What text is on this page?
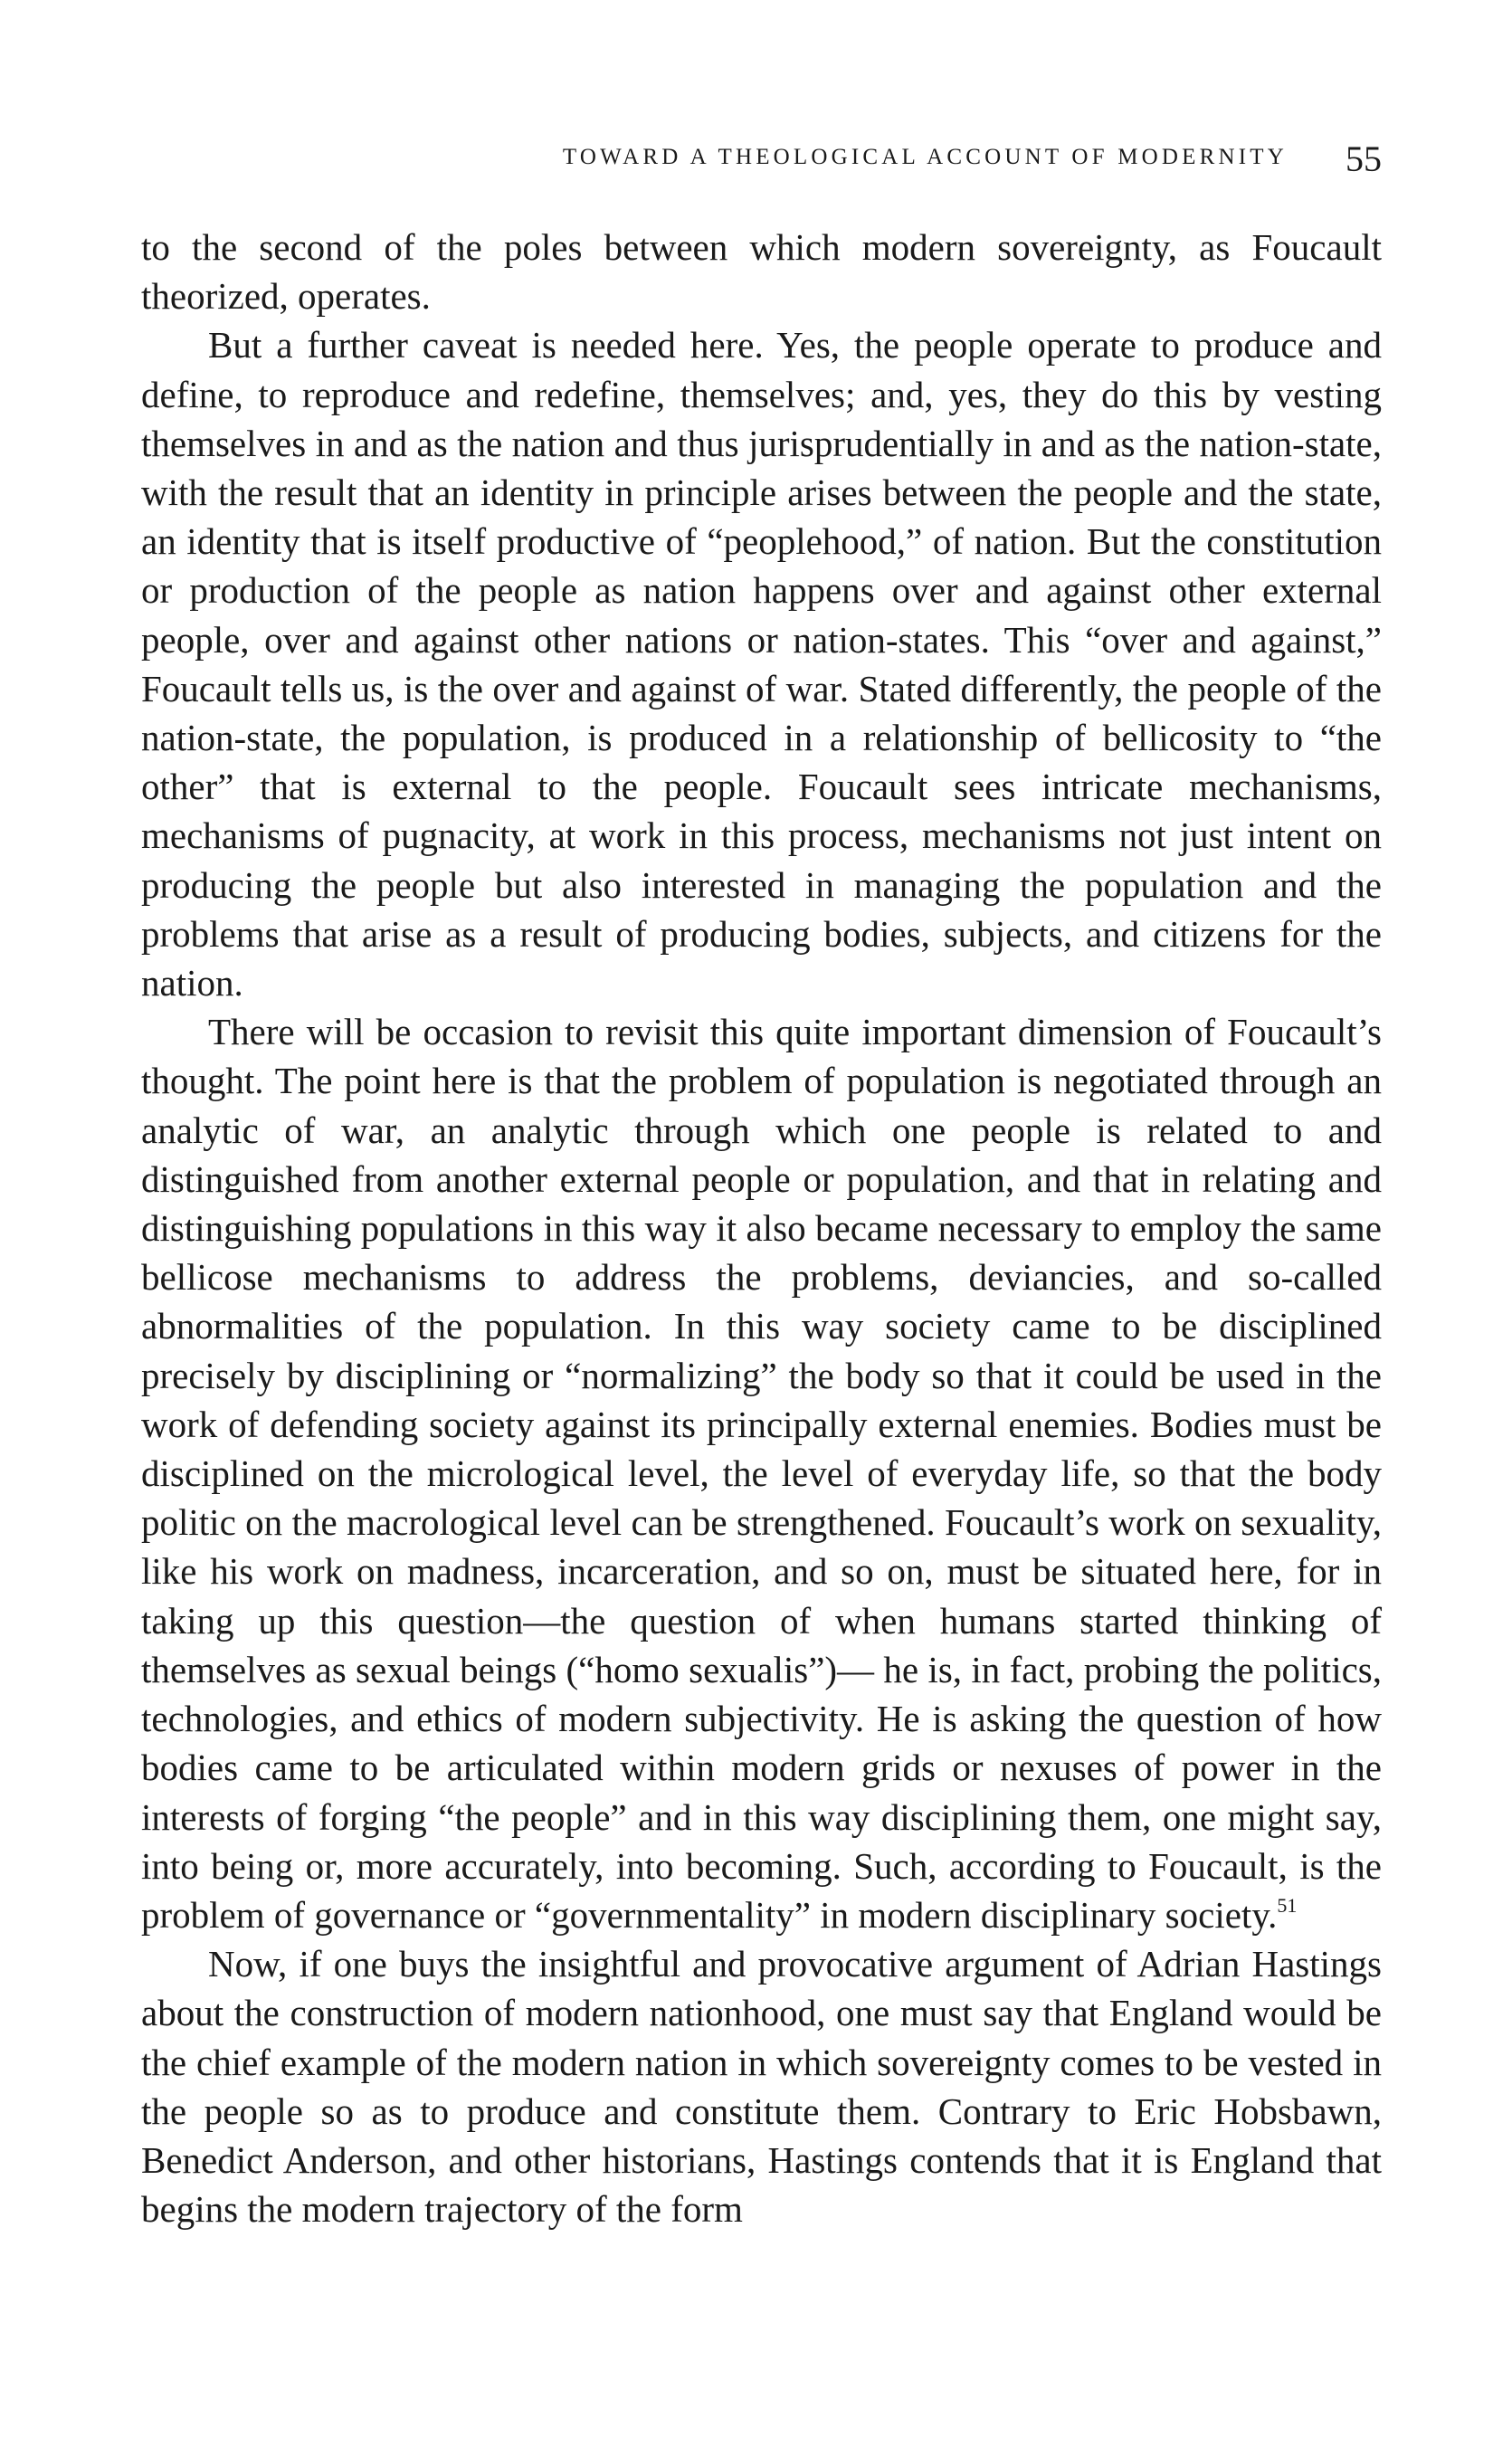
TOWARD A THEOLOGICAL ACCOUNT OF MODERNITY 55

to the second of the poles between which modern sovereignty, as Foucault theorized, operates.

But a further caveat is needed here. Yes, the people operate to produce and define, to reproduce and redefine, themselves; and, yes, they do this by vesting themselves in and as the nation and thus jurisprudentially in and as the nation-state, with the result that an identity in principle arises between the people and the state, an identity that is itself productive of “peoplehood,” of nation. But the constitution or production of the people as nation happens over and against other external people, over and against other nations or nation-states. This “over and against,” Foucault tells us, is the over and against of war. Stated differently, the people of the nation-state, the population, is produced in a relationship of bellicosity to “the other” that is external to the people. Foucault sees intricate mechanisms, mechanisms of pugnacity, at work in this process, mechanisms not just intent on producing the people but also interested in managing the population and the problems that arise as a result of producing bodies, subjects, and citizens for the nation.

There will be occasion to revisit this quite important dimension of Foucault’s thought. The point here is that the problem of population is negotiated through an analytic of war, an analytic through which one people is related to and distinguished from another external people or population, and that in relating and distinguishing populations in this way it also became necessary to employ the same bellicose mechanisms to address the problems, deviancies, and so-called abnormalities of the population. In this way society came to be disciplined precisely by disciplining or “normalizing” the body so that it could be used in the work of defending society against its principally external enemies. Bodies must be disciplined on the micrological level, the level of everyday life, so that the body politic on the macrological level can be strengthened. Foucault’s work on sexuality, like his work on madness, incarceration, and so on, must be situated here, for in taking up this question—the question of when humans started thinking of themselves as sexual beings (“homo sexualis”)— he is, in fact, probing the politics, technologies, and ethics of modern subjectivity. He is asking the question of how bodies came to be articulated within modern grids or nexuses of power in the interests of forging “the people” and in this way disciplining them, one might say, into being or, more accurately, into becoming. Such, according to Foucault, is the problem of governance or “governmentality” in modern disciplinary society.$^{51}$

Now, if one buys the insightful and provocative argument of Adrian Hastings about the construction of modern nationhood, one must say that England would be the chief example of the modern nation in which sovereignty comes to be vested in the people so as to produce and constitute them. Contrary to Eric Hobsbawn, Benedict Anderson, and other historians, Hastings contends that it is England that begins the modern trajectory of the form
